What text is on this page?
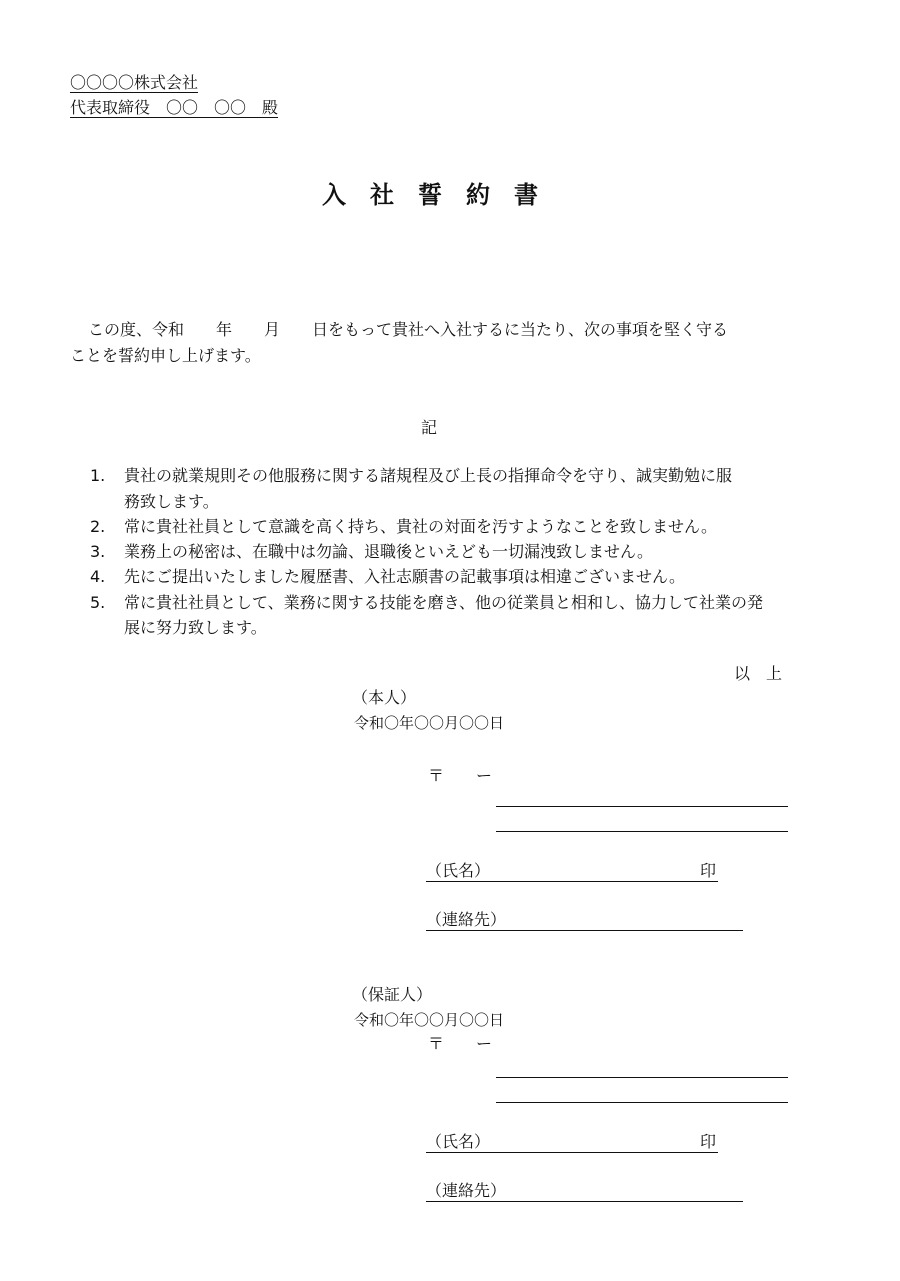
〇〇〇〇株式会社
代表取締役　〇〇　〇〇　殿
入　社　誓　約　書
この度、令和　　年　　月　　日をもって貴社へ入社するに当たり、次の事項を堅く守る
ことを誓約申し上げます。
記
1. 貴社の就業規則その他服務に関する諸規程及び上長の指揮命令を守り、誠実勤勉に服
務致します。
2. 常に貴社社員として意識を高く持ち、貴社の対面を汚すようなことを致しません。
3. 業務上の秘密は、在職中は勿論、退職後といえども一切漏洩致しません。
4. 先にご提出いたしました履歴書、入社志願書の記載事項は相違ございません。
5. 常に貴社社員として、業務に関する技能を磨き、他の従業員と相和し、協力して社業の発
展に努力致します。
以　上
（本人）
令和〇年〇〇月〇〇日
〒　　ー
（氏名）	印
（連絡先）
（保証人）
令和〇年〇〇月〇〇日
〒　　ー
（氏名）	印
（連絡先）
